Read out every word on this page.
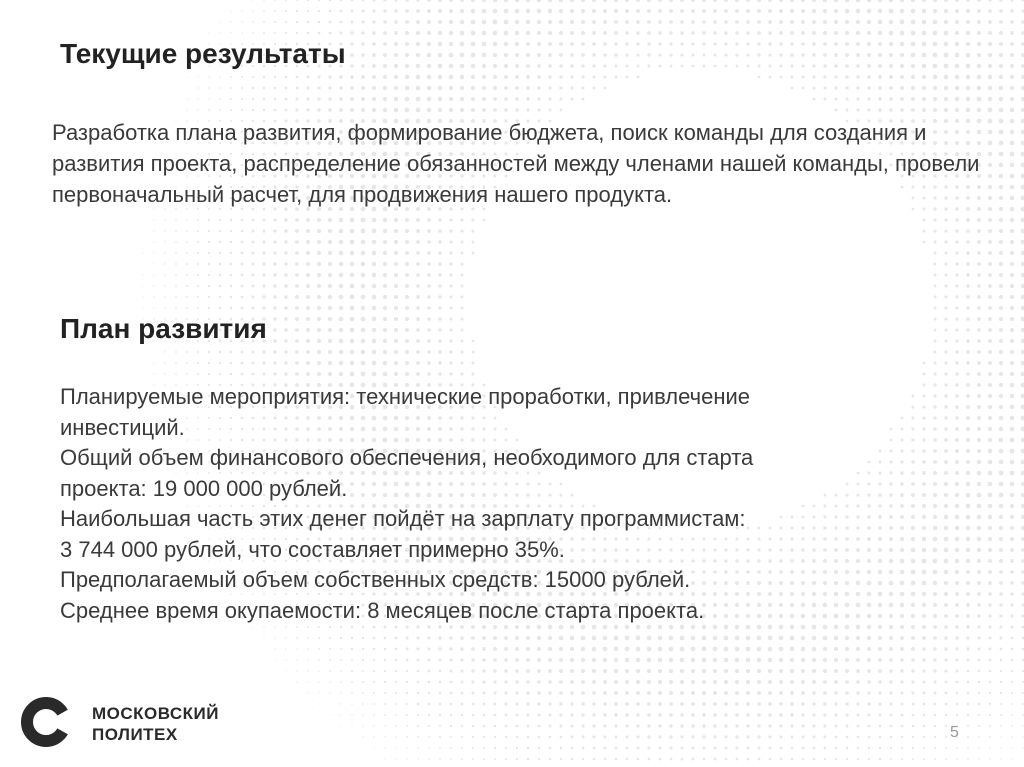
Текущие результаты

Разработка плана развития, формирование бюджета, поиск команды для создания и развития проекта, распределение обязанностей между членами нашей команды, провели первоначальный расчет, для продвижения нашего продукта.

План развития
Планируемые мероприятия: технические проработки, привлечение
инвестиций.
Общий объем финансового обеспечения, необходимого для старта
проекта: 19 000 000 рублей.
Наибольшая часть этих денег пойдёт на зарплату программистам:
3 744 000 рублей, что составляет примерно 35%.
Предполагаемый объем собственных средств: 15000 рублей.
Среднее время окупаемости: 8 месяцев после старта проекта.
МОСКОВСКИЙ
ПОЛИТЕХ	5
